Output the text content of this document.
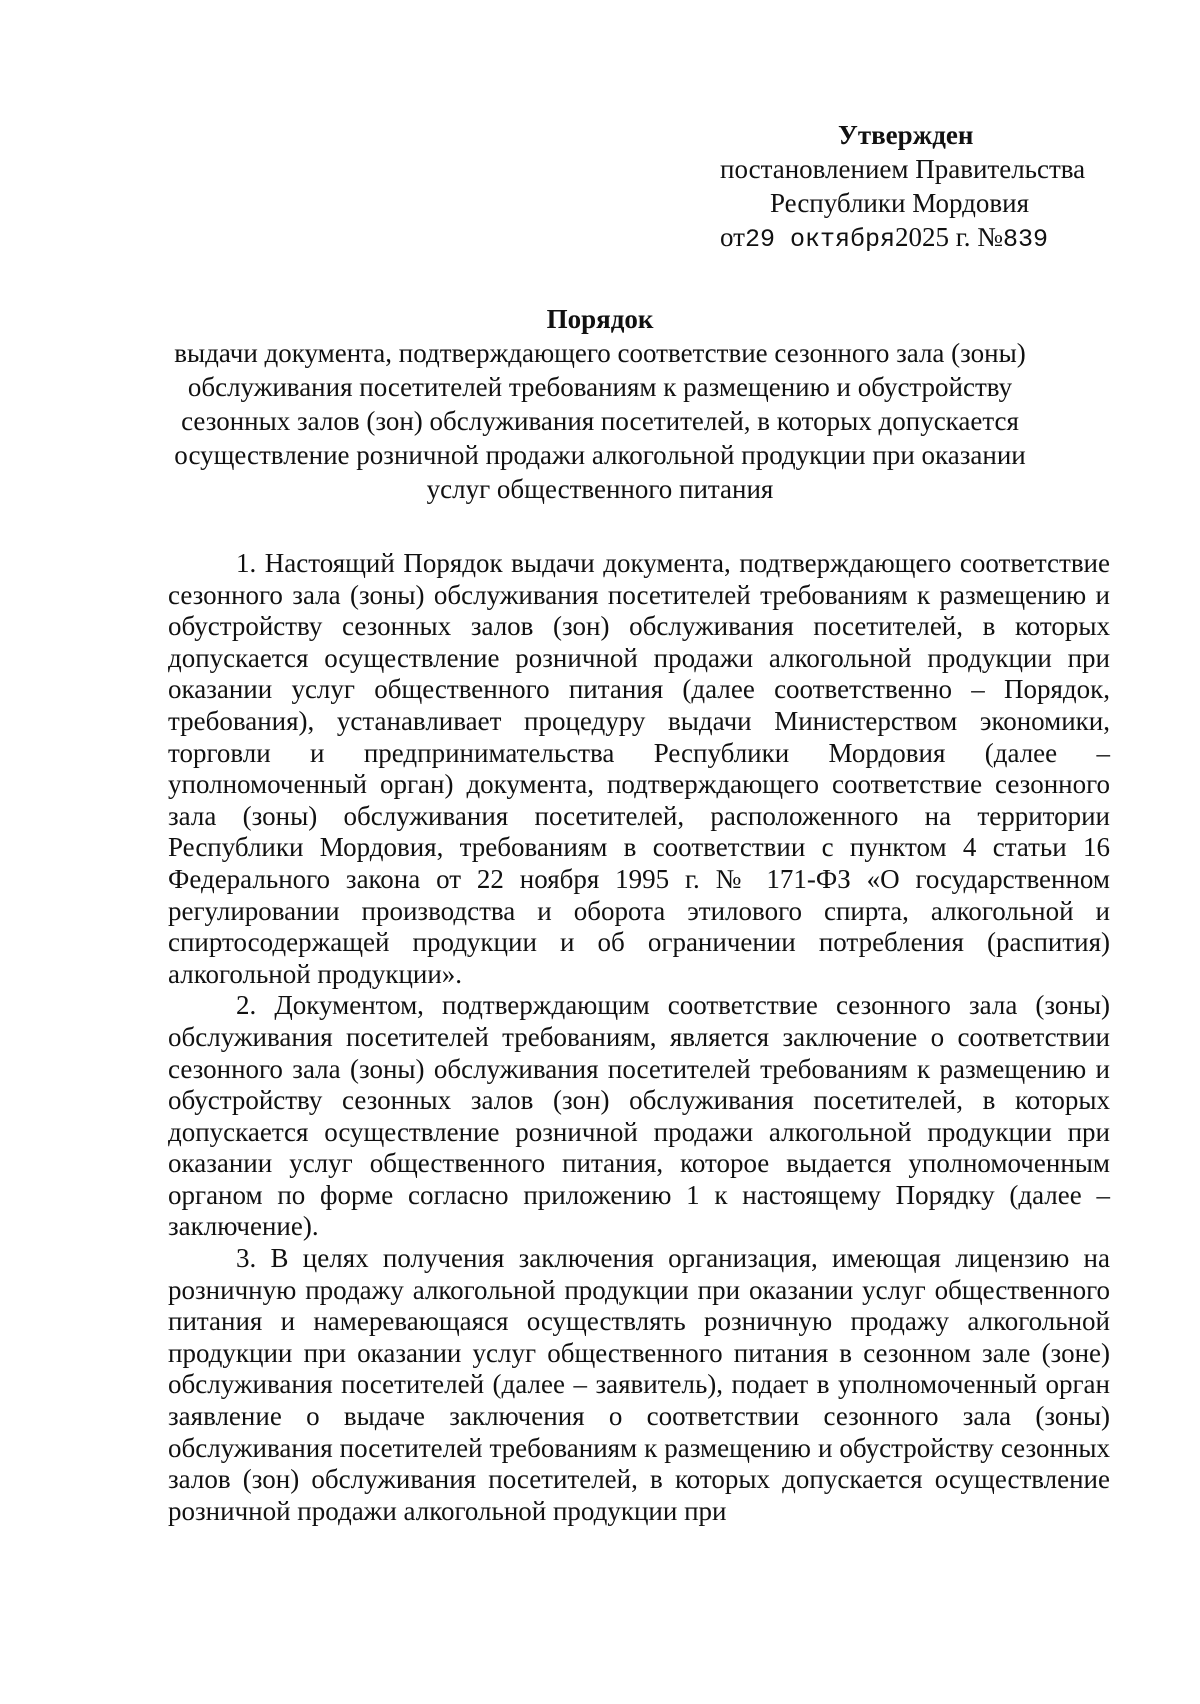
Утвержден
постановлением Правительства
Республики Мордовия
от29 октября2025 г. №839
Порядок
выдачи документа, подтверждающего соответствие сезонного зала (зоны) обслуживания посетителей требованиям к размещению и обустройству сезонных залов (зон) обслуживания посетителей, в которых допускается осуществление розничной продажи алкогольной продукции при оказании услуг общественного питания

1. Настоящий Порядок выдачи документа, подтверждающего соответствие сезонного зала (зоны) обслуживания посетителей требованиям к размещению и обустройству сезонных залов (зон) обслуживания посетителей, в которых допускается осуществление розничной продажи алкогольной продукции при оказании услуг общественного питания (далее соответственно – Порядок, требования), устанавливает процедуру выдачи Министерством экономики, торговли и предпринимательства Республики Мордовия (далее – уполномоченный орган) документа, подтверждающего соответствие сезонного зала (зоны) обслуживания посетителей, расположенного на территории Республики Мордовия, требованиям в соответствии с пунктом 4 статьи 16 Федерального закона от 22 ноября 1995 г. № 171-ФЗ «О государственном регулировании производства и оборота этилового спирта, алкогольной и спиртосодержащей продукции и об ограничении потребления (распития) алкогольной продукции».

2. Документом, подтверждающим соответствие сезонного зала (зоны) обслуживания посетителей требованиям, является заключение о соответствии сезонного зала (зоны) обслуживания посетителей требованиям к размещению и обустройству сезонных залов (зон) обслуживания посетителей, в которых допускается осуществление розничной продажи алкогольной продукции при оказании услуг общественного питания, которое выдается уполномоченным органом по форме согласно приложению 1 к настоящему Порядку (далее – заключение).

3. В целях получения заключения организация, имеющая лицензию на розничную продажу алкогольной продукции при оказании услуг общественного питания и намеревающаяся осуществлять розничную продажу алкогольной продукции при оказании услуг общественного питания в сезонном зале (зоне) обслуживания посетителей (далее – заявитель), подает в уполномоченный орган заявление о выдаче заключения о соответствии сезонного зала (зоны) обслуживания посетителей требованиям к размещению и обустройству сезонных залов (зон) обслуживания посетителей, в которых допускается осуществление розничной продажи алкогольной продукции при
